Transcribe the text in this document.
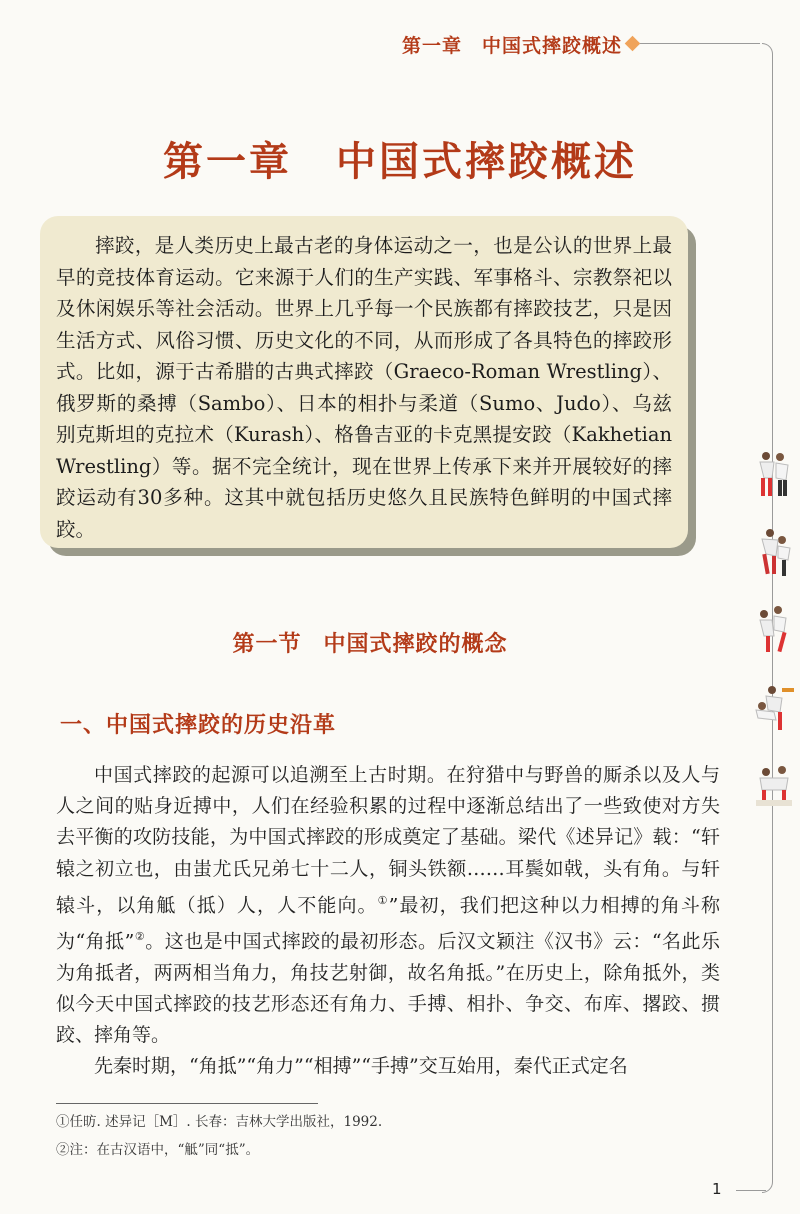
第一章 中国式摔跤概述
第一章 中国式摔跤概述

摔跤，是人类历史上最古老的身体运动之一，也是公认的世界上最早的竞技体育运动。它来源于人们的生产实践、军事格斗、宗教祭祀以及休闲娱乐等社会活动。世界上几乎每一个民族都有摔跤技艺，只是因生活方式、风俗习惯、历史文化的不同，从而形成了各具特色的摔跤形式。比如，源于古希腊的古典式摔跤（Graeco-Roman Wrestling）、俄罗斯的桑搏（Sambo）、日本的相扑与柔道（Sumo、Judo）、乌兹别克斯坦的克拉术（Kurash）、格鲁吉亚的卡克黑提安跤（Kakhetian Wrestling）等。据不完全统计，现在世界上传承下来并开展较好的摔跤运动有30多种。这其中就包括历史悠久且民族特色鲜明的中国式摔跤。

第一节 中国式摔跤的概念
一、中国式摔跤的历史沿革

中国式摔跤的起源可以追溯至上古时期。在狩猎中与野兽的厮杀以及人与人之间的贴身近搏中，人们在经验积累的过程中逐渐总结出了一些致使对方失去平衡的攻防技能，为中国式摔跤的形成奠定了基础。梁代《述异记》载：“轩辕之初立也，由蚩尤氏兄弟七十二人，铜头铁额……耳鬓如戟，头有角。与轩辕斗，以角觝（抵）人，人不能向。①”最初，我们把这种以力相搏的角斗称为“角抵”②。这也是中国式摔跤的最初形态。后汉文颖注《汉书》云：“名此乐为角抵者，两两相当角力，角技艺射御，故名角抵。”在历史上，除角抵外，类似今天中国式摔跤的技艺形态还有角力、手搏、相扑、争交、布库、撂跤、掼跤、摔角等。

先秦时期，“角抵”“角力”“相搏”“手搏”交互始用，秦代正式定名

①任昉. 述异记［M］. 长春：吉林大学出版社，1992.
②注：在古汉语中，“觝”同“抵”。
1
